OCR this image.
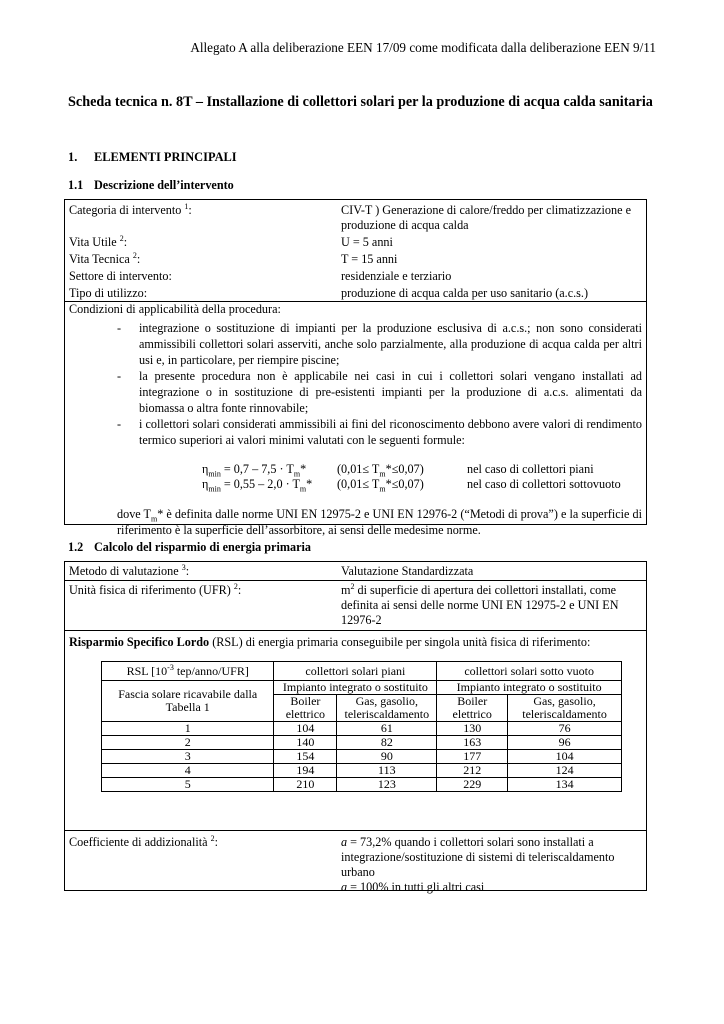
Allegato A alla deliberazione EEN 17/09 come modificata dalla deliberazione EEN 9/11
Scheda tecnica n. 8T – Installazione di collettori solari per la produzione di acqua calda sanitaria
1. ELEMENTI PRINCIPALI
1.1 Descrizione dell’intervento
Categoria di intervento $^1$:	CIV-T ) Generazione di calore/freddo per climatizzazione e produzione di acqua calda
Vita Utile $^2$:	U = 5 anni
Vita Tecnica $^2$:	T = 15 anni
Settore di intervento:	residenziale e terziario
Tipo di utilizzo:	produzione di acqua calda per uso sanitario (a.c.s.)
Condizioni di applicabilità della procedura:
-	integrazione o sostituzione di impianti per la produzione esclusiva di a.c.s.; non sono considerati ammissibili collettori solari asserviti, anche solo parzialmente, alla produzione di acqua calda per altri usi e, in particolare, per riempire piscine;
-	la presente procedura non è applicabile nei casi in cui i collettori solari vengano installati ad integrazione o in sostituzione di pre-esistenti impianti per la produzione di a.c.s. alimentati da biomassa o altra fonte rinnovabile;
-	i collettori solari considerati ammissibili ai fini del riconoscimento debbono avere valori di rendimento termico superiori ai valori minimi valutati con le seguenti formule:
$\eta_{min} = 0,7 - 7,5 \cdot T_m*$	$(0,01\le T_m*\le 0,07)$	nel caso di collettori piani
$\eta_{min} = 0,55 - 2,0 \cdot T_m*$	$(0,01\le T_m*\le 0,07)$	nel caso di collettori sottovuoto
dove $T_m*$ è definita dalle norme UNI EN 12975-2 e UNI EN 12976-2 (“Metodi di prova”) e la superficie di riferimento è la superficie dell’assorbitore, ai sensi delle medesime norme.
1.2 Calcolo del risparmio di energia primaria
Metodo di valutazione $^3$:	Valutazione Standardizzata
Unità fisica di riferimento (UFR) $^2$:	$m^2$ di superficie di apertura dei collettori installati, come definita ai sensi delle norme UNI EN 12975-2 e UNI EN 12976-2
Risparmio Specifico Lordo (RSL) di energia primaria conseguibile per singola unità fisica di riferimento:
Coefficiente di addizionalità $^2$:	a = 73,2% quando i collettori solari sono installati a integrazione/sostituzione di sistemi di teleriscaldamento urbano
a = 100% in tutti gli altri casi
RSL [$10^{-3}$ tep/anno/UFR]	collettori solari piani		collettori solari sotto vuoto	
Fascia solare ricavabile dalla Tabella 1	Impianto integrato o sostituito		Impianto integrato o sostituito	
	Boiler elettrico	Gas, gasolio, teleriscaldamento	Boiler elettrico	Gas, gasolio, teleriscaldamento
1	104	61	130	76
2	140	82	163	96
3	154	90	177	104
4	194	113	212	124
5	210	123	229	134
